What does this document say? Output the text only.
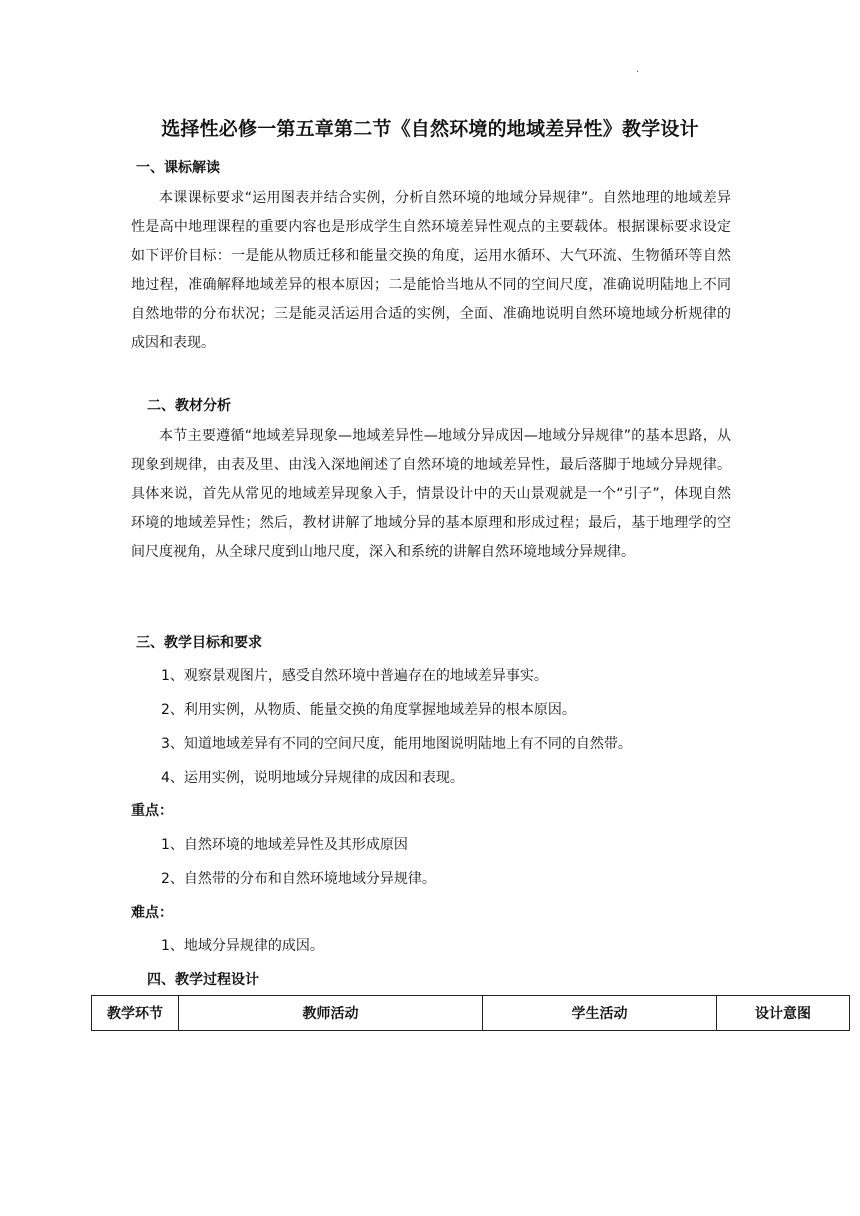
.
选择性必修一第五章第二节《自然环境的地域差异性》教学设计
一、课标解读

本课课标要求“运用图表并结合实例，分析自然环境的地域分异规律”。自然地理的地域差异性是高中地理课程的重要内容也是形成学生自然环境差异性观点的主要载体。根据课标要求设定如下评价目标：一是能从物质迁移和能量交换的角度，运用水循环、大气环流、生物循环等自然地过程，准确解释地域差异的根本原因；二是能恰当地从不同的空间尺度，准确说明陆地上不同自然地带的分布状况；三是能灵活运用合适的实例，全面、准确地说明自然环境地域分析规律的成因和表现。

二、教材分析

本节主要遵循“地域差异现象—地域差异性—地域分异成因—地域分异规律”的基本思路，从现象到规律，由表及里、由浅入深地阐述了自然环境的地域差异性，最后落脚于地域分异规律。具体来说，首先从常见的地域差异现象入手，情景设计中的天山景观就是一个“引子”，体现自然环境的地域差异性；然后，教材讲解了地域分异的基本原理和形成过程；最后，基于地理学的空间尺度视角，从全球尺度到山地尺度，深入和系统的讲解自然环境地域分异规律。

三、教学目标和要求
1、观察景观图片，感受自然环境中普遍存在的地域差异事实。
2、利用实例，从物质、能量交换的角度掌握地域差异的根本原因。
3、知道地域差异有不同的空间尺度，能用地图说明陆地上有不同的自然带。
4、运用实例，说明地域分异规律的成因和表现。
重点：
1、自然环境的地域差异性及其形成原因
2、自然带的分布和自然环境地域分异规律。
难点：
1、地域分异规律的成因。
四、教学过程设计
教学环节	教师活动	学生活动	设计意图
